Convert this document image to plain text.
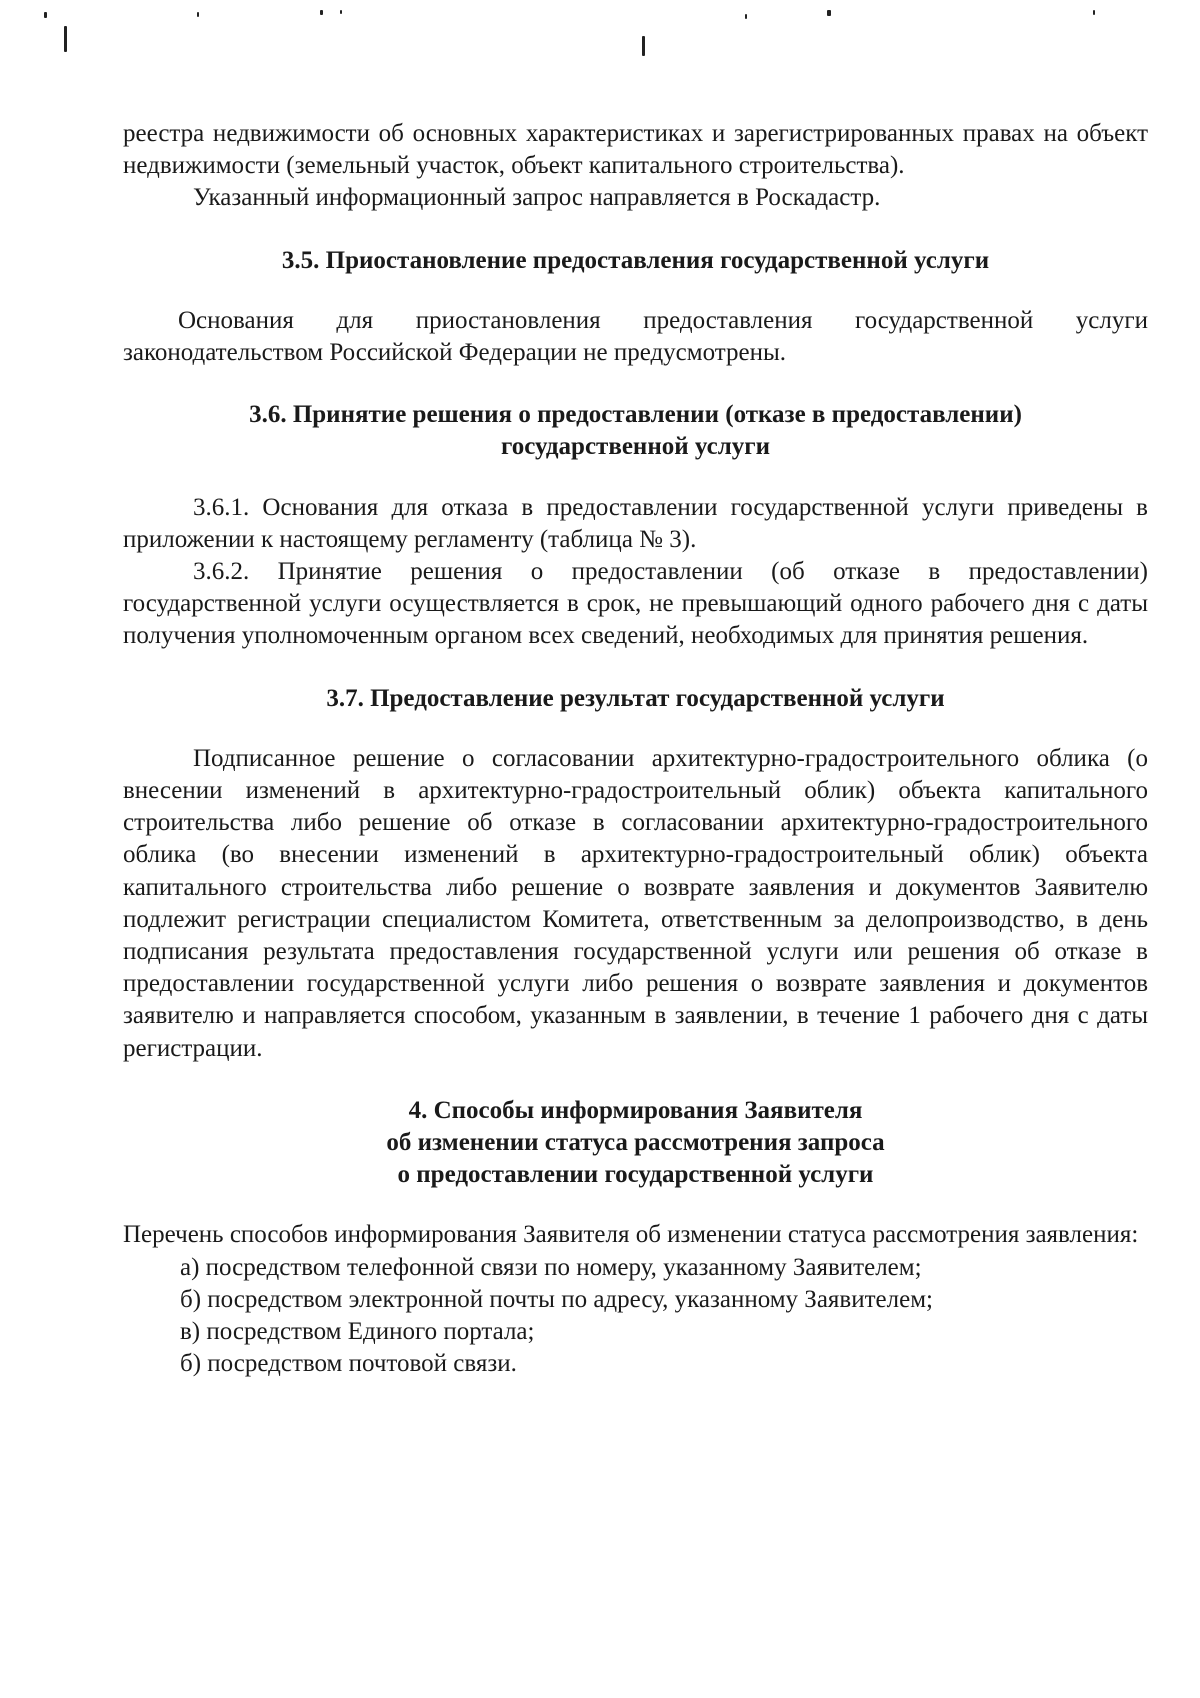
реестра недвижимости об основных характеристиках и зарегистрированных правах на объект недвижимости (земельный участок, объект капитального строительства).

Указанный информационный запрос направляется в Роскадастр.

3.5. Приостановление предоставления государственной услуги

Основания для приостановления предоставления государственной услуги законодательством Российской Федерации не предусмотрены.

3.6. Принятие решения о предоставлении (отказе в предоставлении)
государственной услуги

3.6.1. Основания для отказа в предоставлении государственной услуги приведены в приложении к настоящему регламенту (таблица № 3).

3.6.2. Принятие решения о предоставлении (об отказе в предоставлении) государственной услуги осуществляется в срок, не превышающий одного рабочего дня с даты получения уполномоченным органом всех сведений, необходимых для принятия решения.

3.7. Предоставление результат государственной услуги

Подписанное решение о согласовании архитектурно-градостроительного облика (о внесении изменений в архитектурно-градостроительный облик) объекта капитального строительства либо решение об отказе в согласовании архитектурно-градостроительного облика (во внесении изменений в архитектурно-градостроительный облик) объекта капитального строительства либо решение о возврате заявления и документов Заявителю подлежит регистрации специалистом Комитета, ответственным за делопроизводство, в день подписания результата предоставления государственной услуги или решения об отказе в предоставлении государственной услуги либо решения о возврате заявления и документов заявителю и направляется способом, указанным в заявлении, в течение 1 рабочего дня с даты регистрации.

4. Способы информирования Заявителя
об изменении статуса рассмотрения запроса
о предоставлении государственной услуги

Перечень способов информирования Заявителя об изменении статуса рассмотрения заявления:

а) посредством телефонной связи по номеру, указанному Заявителем;
б) посредством электронной почты по адресу, указанному Заявителем;
в) посредством Единого портала;
б) посредством почтовой связи.
